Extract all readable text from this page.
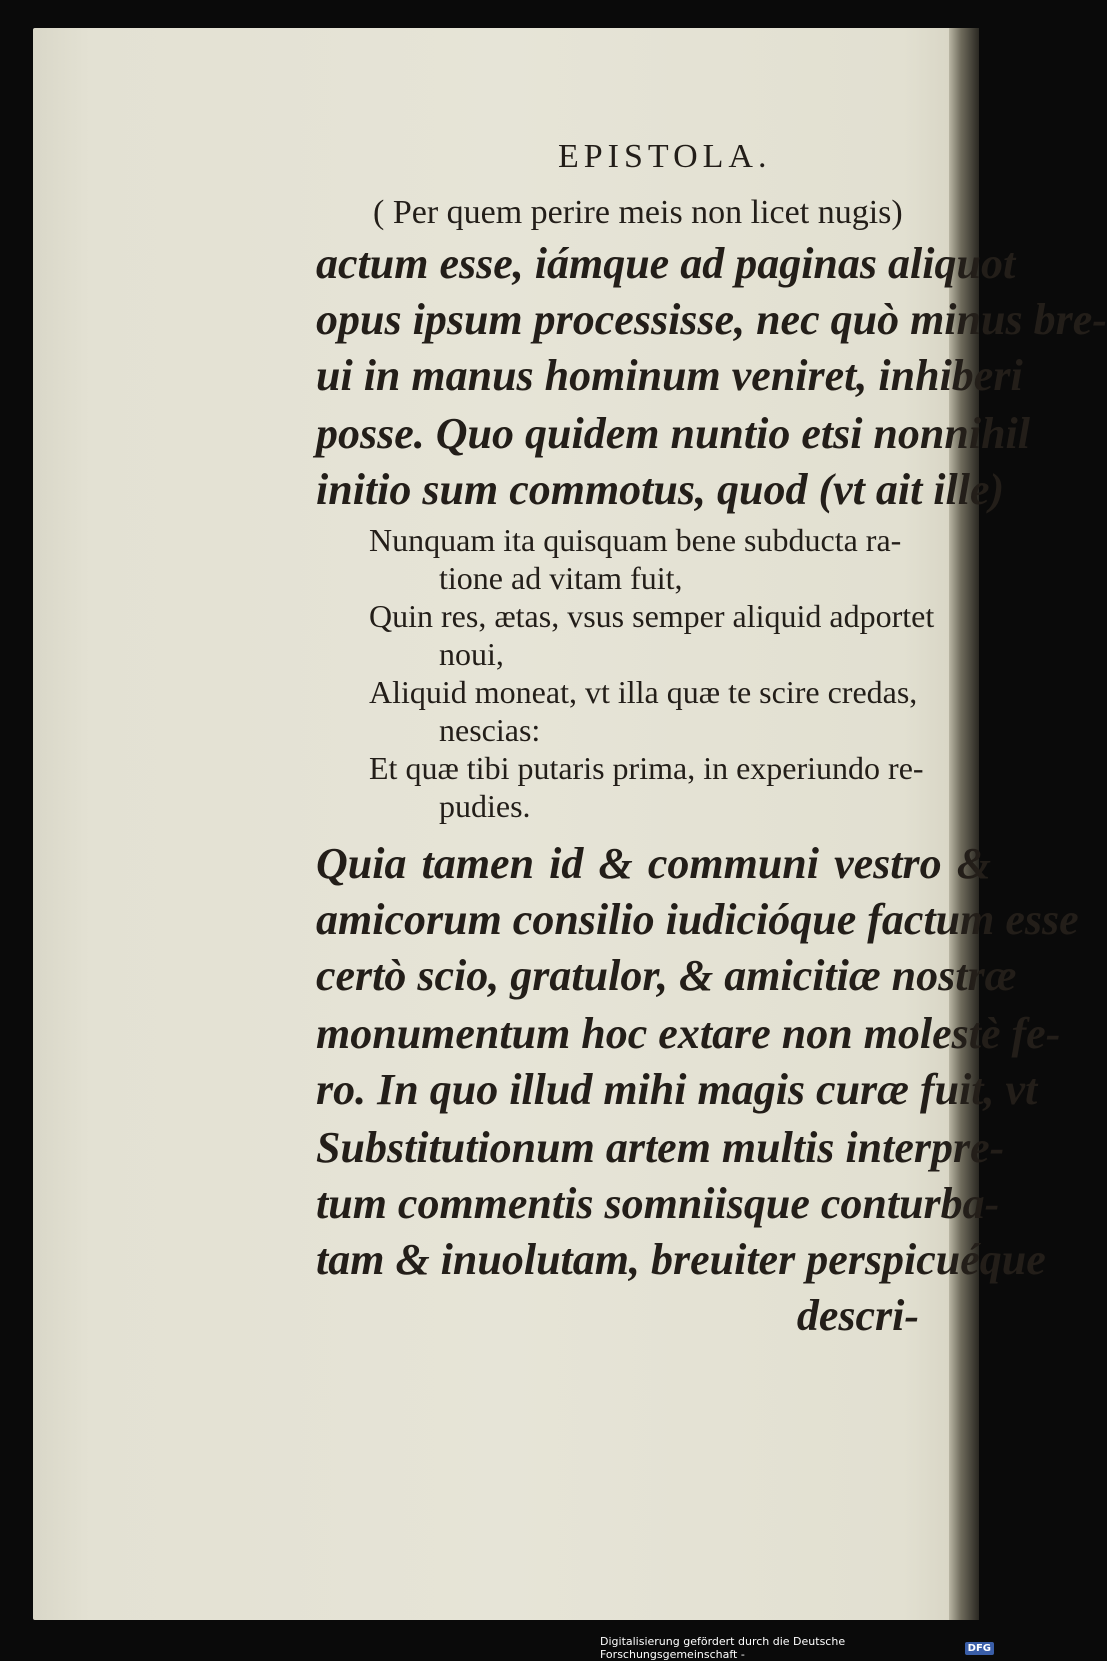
EPISTOLA.
( Per quem perire meis non licet nugis)
actum esse, iámque ad paginas aliquot
opus ipsum processisse, nec quò minus bre-
ui in manus hominum veniret, inhiberi
posse. Quo quidem nuntio etsi nonnihil
initio sum commotus, quod (vt ait ille)
Nunquam ita quisquam bene subducta ra-
tione ad vitam fuit,
Quin res, ætas, vsus semper aliquid adportet
noui,
Aliquid moneat, vt illa quæ te scire credas,
nescias:
Et quæ tibi putaris prima, in experiundo re-
pudies.
Quia tamen id & communi vestro &
amicorum consilio iudicióque factum esse
certò scio, gratulor, & amicitiæ nostræ
monumentum hoc extare non molestè fe-
ro. In quo illud mihi magis curæ fuit, vt
Substitutionum artem multis interpre-
tum commentis somniisque conturba-
tam & inuolutam, breuiter perspicuéque
descri-
Digitalisierung gefördert durch die Deutsche Forschungsgemeinschaft -	DFG
